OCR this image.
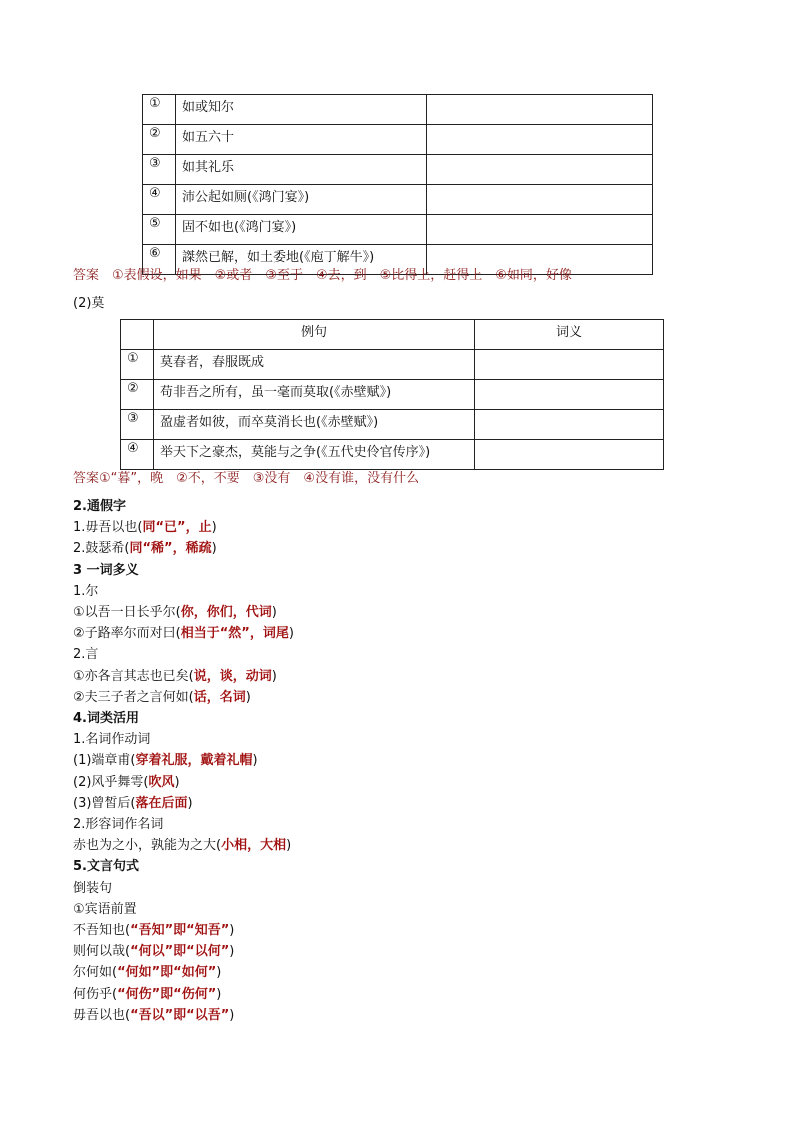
①	如或知尔	
②	如五六十	
③	如其礼乐	
④	沛公起如厕(《鸿门宴》)	
⑤	固不如也(《鸿门宴》)	
⑥	謋然已解，如土委地(《庖丁解牛》)	
答案　①表假设，如果　②或者　③至于　④去，到　⑤比得上，赶得上　⑥如同，好像
(2)莫
	例句	词义
①	莫春者，春服既成	
②	苟非吾之所有，虽一毫而莫取(《赤壁赋》)	
③	盈虚者如彼，而卒莫消长也(《赤壁赋》)	
④	举天下之豪杰，莫能与之争(《五代史伶官传序》)	
答案①“暮”，晚　②不，不要　③没有　④没有谁，没有什么
2.通假字
1.毋吾以也(同“已”，止)
2.鼓瑟希(同“稀”，稀疏)
3 一词多义
1.尔
①以吾一日长乎尔(你，你们，代词)
②子路率尔而对曰(相当于“然”，词尾)
2.言
①亦各言其志也已矣(说，谈，动词)
②夫三子者之言何如(话，名词)
4.词类活用
1.名词作动词
(1)端章甫(穿着礼服，戴着礼帽)
(2)风乎舞雩(吹风)
(3)曾皙后(落在后面)
2.形容词作名词
赤也为之小，孰能为之大(小相，大相)
5.文言句式
倒装句
①宾语前置
不吾知也(“吾知”即“知吾”)
则何以哉(“何以”即“以何”)
尔何如(“何如”即“如何”)
何伤乎(“何伤”即“伤何”)
毋吾以也(“吾以”即“以吾”)
